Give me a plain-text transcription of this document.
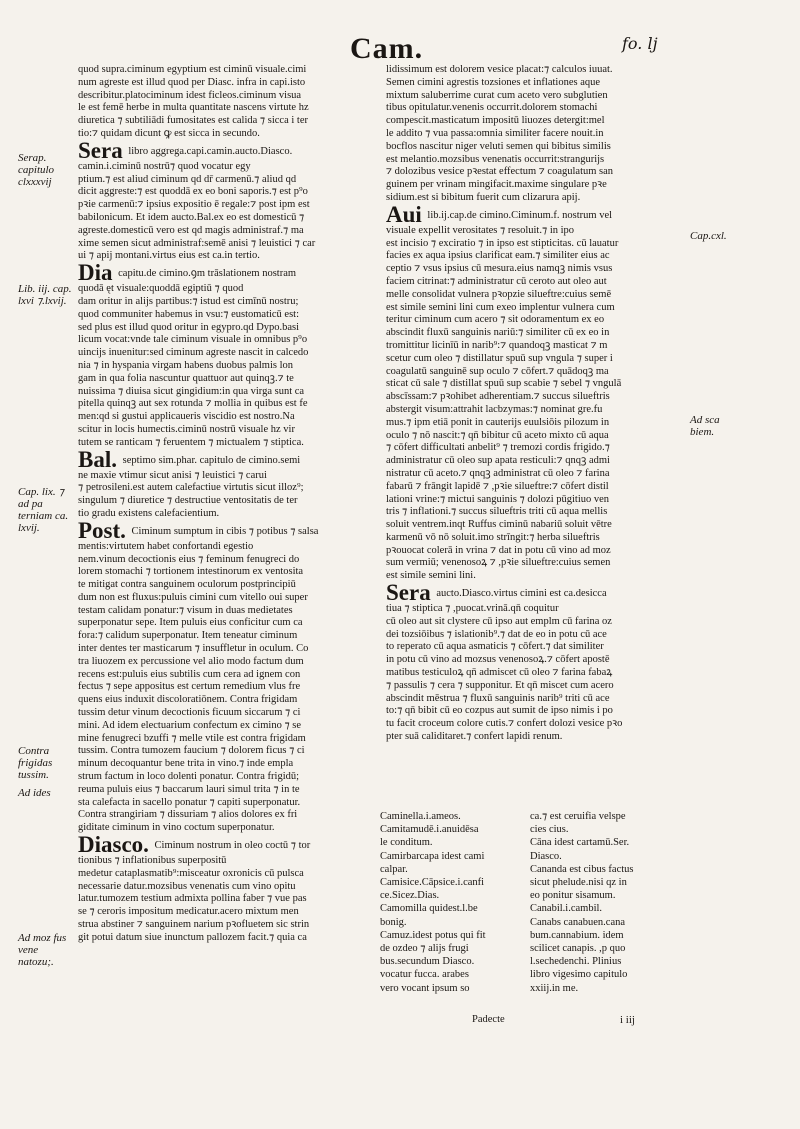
Cam.	fo. lj

Serap. capitulo clxxxvij

Lib. iij. cap. lxvi ⁊.lxvij.

Cap. lix. ⁊ ad pa terniam ca. lxvij.

Contra frigidas tussim.

Ad ides

Ad moz fus vene natozu;.

Cap.cxl.

Ad sca biem.

quod supra.ciminum egyptium est ciminū visuale.cimi

num agreste est illud quod per Diasc. infra in capi.isto

describitur.platociminum idest ficleos.ciminum visua

le est femē herbe in multa quantitate nascens virtute hz

diuretica ⁊ subtiliādi fumositates est calida ⁊ sicca i ter

tio:⁊ quidam dicunt ꝙ est sicca in secundo.

Sera libro aggrega.capi.camin.aucto.Diasco.

camin.i.ciminū nostrū⁊ quod vocatur egy

ptium.⁊ est aliud ciminum qd̄ dr̄ carmenū.⁊ aliud qd̄

dicit aggreste:⁊ est quoddā ex eo boni saporis.⁊ est p⁹o

pꝛie carmenū:⁊ ipsius expositio ē regale:⁊ post ipm est

babilonicum. Et idem aucto.Bal.ex eo est domesticū ⁊

agreste.domesticū vero est qd̄ magis administraf.⁊ ma

xime semen sicut administraf:semē anisi ⁊ leuistici ⁊ car

ui ⁊ apij montani.virtus eius est ca.in tertio.

Dia capitu.de cimino.ꝯm trāslationem nostram

quodā ęt visuale:quoddā egiptiū ⁊ quod

dam oritur in alijs partibus:⁊ istud est cimīnū nostru;

quod communiter habemus in vsu:⁊ eustomaticū est:

sed plus est illud quod oritur in egypro.qd̄ Dypo.basi

licum vocat:vnde tale ciminum visuale in omnibus p⁹o

uincijs inuenitur:sed ciminum agreste nascit in calcedo

nia ⁊ in hyspania virgam habens duobus palmis lon

gam in qua folia nascuntur quattuor aut quinqꝫ.⁊ te

nuissima ⁊ diuisa sicut gingidium:in qua virga sunt ca

pitella quinqꝫ aut sex rotunda ⁊ mollia in quibus est fe

men:qd̄ si gustui applicaueris viscidio est nostro.Na

scitur in locis humectis.ciminū nostrū visuale hz vir

tutem se ranticam ⁊ feruentem ⁊ mictualem ⁊ stiptica.

Bal. septimo sim.phar. capitulo de cimino.semi

ne maxie vtimur sicut anisi ⁊ leuistici ⁊ carui

⁊ petrosileni.est autem calefactiue virtutis sicut illoz⁹;

singulum ⁊ diuretice ⁊ destructiue ventositatis de ter

tio gradu existens calefacientium.

Post. Ciminum sumptum in cibis ⁊ potibus ⁊ salsa

mentis:virtutem habet confortandi egestio

nem.vinum decoctionis eius ⁊ feminum fenugreci do

lorem stomachi ⁊ tortionem intestinorum ex ventosita

te mitigat contra sanguinem oculorum postprincipiū

dum non est fluxus:puluis cimini cum vitello oui super

testam calidam ponatur:⁊ visum in duas medietates

superponatur sepe. Item puluis eius conficitur cum ca

fora:⁊ calidum superponatur. Item teneatur ciminum

inter dentes ter masticarum ⁊ insuffletur in oculum. Co

tra liuozem ex percussione vel alio modo factum dum

recens est:puluis eius subtilis cum cera ad ignem con

fectus ⁊ sepe appositus est certum remedium vlus fre

quens eius induxit discoloratiōnem. Contra frigidam

tussim detur vinum decoctionis ficuum siccarum ⁊ ci

mini. Ad idem electuarium confectum ex cimino ⁊ se

mine fenugreci bzuffi ⁊ melle vtile est contra frigidam

tussim. Contra tumozem faucium ⁊ dolorem ficus ⁊ ci

minum decoquantur bene trita in vino.⁊ inde empla

strum factum in loco dolenti ponatur. Contra frigidū;

reuma puluis eius ⁊ baccarum lauri simul trita ⁊ in te

sta calefacta in sacello ponatur ⁊ capiti superponatur.

Contra strangiriam ⁊ dissuriam ⁊ alios dolores ex fri

giditate ciminum in vino coctum superponatur.

Diasco. Ciminum nostrum in oleo coctū ⁊ tor

tionibus ⁊ inflationibus superpositū

medetur cataplasmatib⁹:misceatur oxronicis cū pulsca

necessarie datur.mozsibus venenatis cum vino opitu

latur.tumozem testium admixta pollina faber ⁊ vue pas

se ⁊ ceroris impositum medicatur.acero mixtum men

strua abstiner ⁊ sanguinem narium pꝛofluetem sic strin

git potui datum siue inunctum pallozem facit.⁊ quia ca

lidissimum est dolorem vesice placat:⁊ calculos iuuat.

Semen cimini agrestis tozsiones et inflationes aque

mixtum saluberrime curat cum aceto vero subglutien

tibus opitulatur.venenis occurrit.dolorem stomachi

compescit.masticatum impositū liuozes detergit:mel

le addito ⁊ vua passa:omnia similiter facere nouit.in

bocflos nascitur niger veluti semen qui bibitus similis

est melantio.mozsibus venenatis occurrit:strangurijs

⁊ dolozibus vesice pꝛestat effectum ⁊ coagulatum san

guinem per vrinam mingifacit.maxime singulare pꝛe

sidium.est si bibitum fuerit cum clizarura apij.

Aui lib.ij.cap.de cimino.Ciminum.f. nostrum vel

visuale expellit verositates ⁊ resoluit.⁊ in ipo

est incisio ⁊ exciratio ⁊ in ipso est stipticitas. cū lauatur

facies ex aqua ipsius clarificat eam.⁊ similiter eius ac

ceptio ⁊ vsus ipsius cū mesura.eius namqꝫ nimis vsus

faciem citrinat:⁊ administratur cū ceroto aut oleo aut

melle consolidat vulnera pꝛopzie silueftre:cuius semē

est simile semini lini cum exeo implentur vulnera cum

teritur ciminum cum acero ⁊ sit odoramentum ex eo

abscindit fluxū sanguinis nariū:⁊ similiter cū ex eo in

tromittitur licinīū in narib⁹:⁊ quandoqꝫ masticat ⁊ m

scetur cum oleo ⁊ distillatur spuū sup vngula ⁊ super i

coagulatū sanguinē sup oculo ⁊ cōfert.⁊ quādoqꝫ ma

sticat cū sale ⁊ distillat spuū sup scabie ⁊ sebel ⁊ vngulā

abscīssam:⁊ pꝛohibet adherentiam.⁊ succus silueftris

abstergit visum:attrahit lacbzymas:⁊ nominat gre.fu

mus.⁊ ipm etiā ponit in cauterijs euulsiōis pilozum in

oculo ⁊ nō nascit:⁊ qn̄ bibitur cū aceto mixto cū aqua

⁊ cōfert difficultati anbelit⁹ ⁊ tremozi cordis frigido.⁊

administratur cū oleo sup apata resticuli:⁊ qnqꝫ admi

nistratur cū aceto.⁊ qnqꝫ administrat cū oleo ⁊ farina

fabarū ⁊ frāngit lapidē ⁊ ,pꝛie silueftre:⁊ cōfert distil

lationi vrine:⁊ mictui sanguinis ⁊ dolozi pūgitiuo ven

tris ⁊ inflationi.⁊ succus silueftris triti cū aqua mellis

soluit ventrem.inqt Ruffus ciminū nabariū soluit vētre

karmenū vō nō soluit.imo strīngit:⁊ herba silueftris

pꝛouocat colerā in vrina ⁊ dat in potu cū vino ad moz

sum vermiū; venenosoꝝ ⁊ ,pꝛie silueftre:cuius semen

est simile semini lini.

Sera aucto.Diasco.virtus cimini est ca.desicca

tiua ⁊ stiptica ⁊ ,puocat.vrinā.qn̄ coquitur

cū oleo aut sit clystere cū ipso aut emplm cū farina oz

dei tozsiōibus ⁊ islationib⁹.⁊ dat de eo in potu cū ace

to reperato cū aqua asmaticis ⁊ cōfert.⁊ dat similiter

in potu cū vino ad mozsus venenosoꝝ.⁊ cōfert apostē

matibus testiculoꝝ qn̄ admiscet cū oleo ⁊ farina fabaꝝ

⁊ passulis ⁊ cera ⁊ supponitur. Et qn̄ miscet cum acero

abscindit mēstrua ⁊ fluxū sanguinis narib⁹ triti cū ace

to:⁊ qn̄ bibit cū eo cozpus aut sumit de ipso nimis i po

tu facit croceum colore cutis.⁊ confert dolozi vesice pꝛo

pter suā caliditaret.⁊ confert lapidi renum.

Caminella.i.ameos.	ca.⁊ est ceruifia velspe
Camitamudē.i.anuidēsa	cies cius.
le conditum.	Cāna idest cartamū.Ser.
Camirbarcapa idest cami	Diasco.
calpar.	Cananda est cibus factus
Camisice.Cāpsice.i.canfi	sicut phelude.nisi qz in
ce.Sicez.Dias.	eo ponitur sisamum.
Camomilla quidest.l.be	Canabil.i.cambil.
bonig.	Canabs canabuen.cana
Camuz.idest potus qui fit	bum.cannabium. idem
de ozdeo ⁊ alijs frugi	scilicet canapis. ,p quo
bus.secundum Diasco.	l.sechedenchi. Plinius
vocatur fucca. arabes	libro vigesimo capitulo
vero vocant ipsum so	xxiij.in me.
Padecte	i iij
